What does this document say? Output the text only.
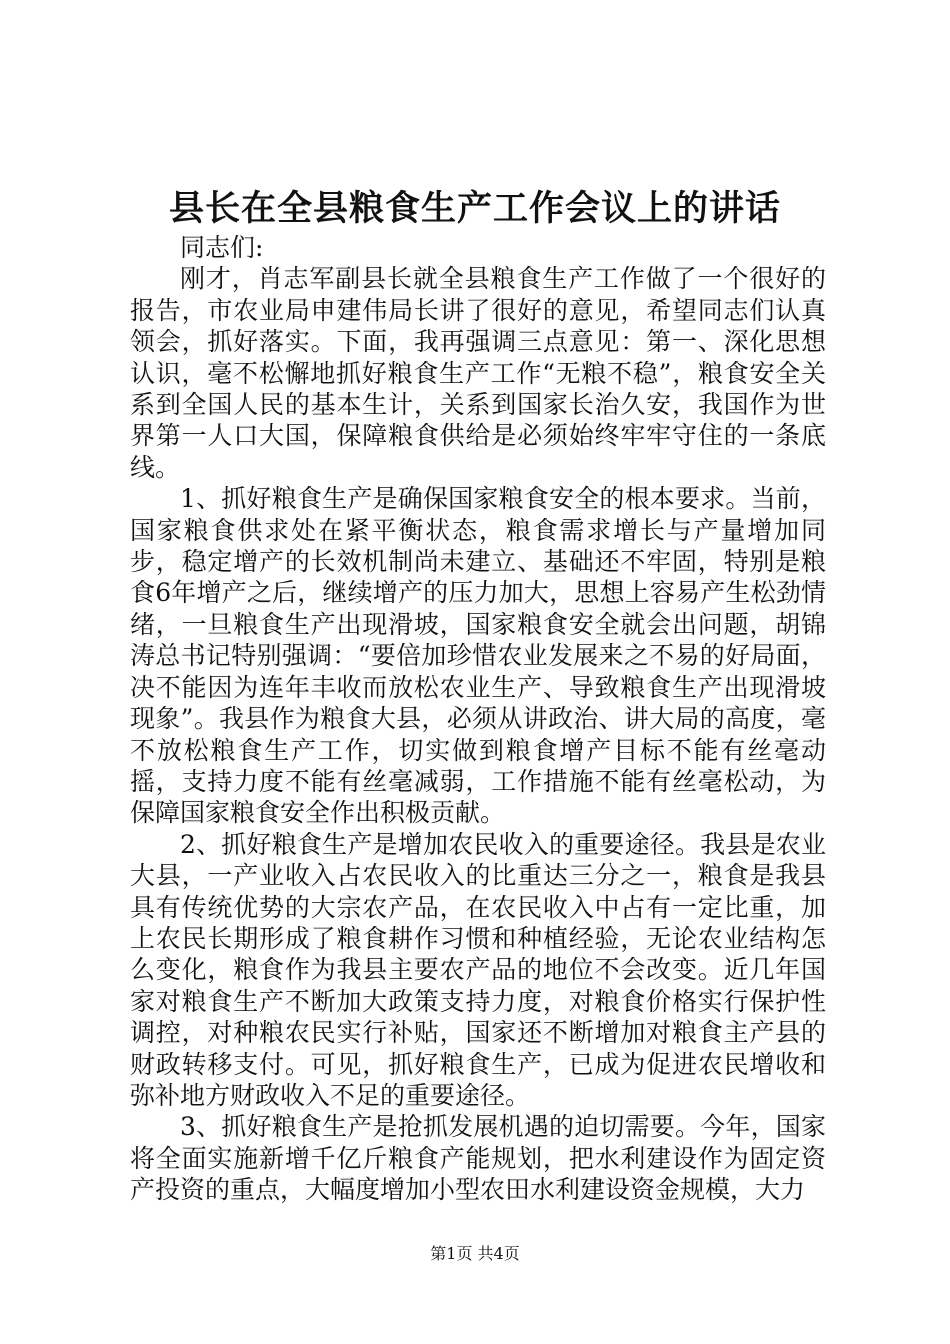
县长在全县粮食生产工作会议上的讲话

同志们:

刚才，肖志军副县长就全县粮食生产工作做了一个很好的报告，市农业局申建伟局长讲了很好的意见，希望同志们认真领会，抓好落实。下面，我再强调三点意见：第一、深化思想认识，毫不松懈地抓好粮食生产工作“无粮不稳”，粮食安全关系到全国人民的基本生计，关系到国家长治久安，我国作为世界第一人口大国，保障粮食供给是必须始终牢牢守住的一条底线。

1、抓好粮食生产是确保国家粮食安全的根本要求。当前，国家粮食供求处在紧平衡状态，粮食需求增长与产量增加同步，稳定增产的长效机制尚未建立、基础还不牢固，特别是粮食6年增产之后，继续增产的压力加大，思想上容易产生松劲情绪，一旦粮食生产出现滑坡，国家粮食安全就会出问题，胡锦涛总书记特别强调：“要倍加珍惜农业发展来之不易的好局面，决不能因为连年丰收而放松农业生产、导致粮食生产出现滑坡现象”。我县作为粮食大县，必须从讲政治、讲大局的高度，毫不放松粮食生产工作，切实做到粮食增产目标不能有丝毫动摇，支持力度不能有丝毫减弱，工作措施不能有丝毫松动，为保障国家粮食安全作出积极贡献。

2、抓好粮食生产是增加农民收入的重要途径。我县是农业大县，一产业收入占农民收入的比重达三分之一，粮食是我县具有传统优势的大宗农产品，在农民收入中占有一定比重，加上农民长期形成了粮食耕作习惯和种植经验，无论农业结构怎么变化，粮食作为我县主要农产品的地位不会改变。近几年国家对粮食生产不断加大政策支持力度，对粮食价格实行保护性调控，对种粮农民实行补贴，国家还不断增加对粮食主产县的财政转移支付。可见，抓好粮食生产，已成为促进农民增收和弥补地方财政收入不足的重要途径。

3、抓好粮食生产是抢抓发展机遇的迫切需要。今年，国家将全面实施新增千亿斤粮食产能规划，把水利建设作为固定资产投资的重点，大幅度增加小型农田水利建设资金规模，大力

第1页 共4页
